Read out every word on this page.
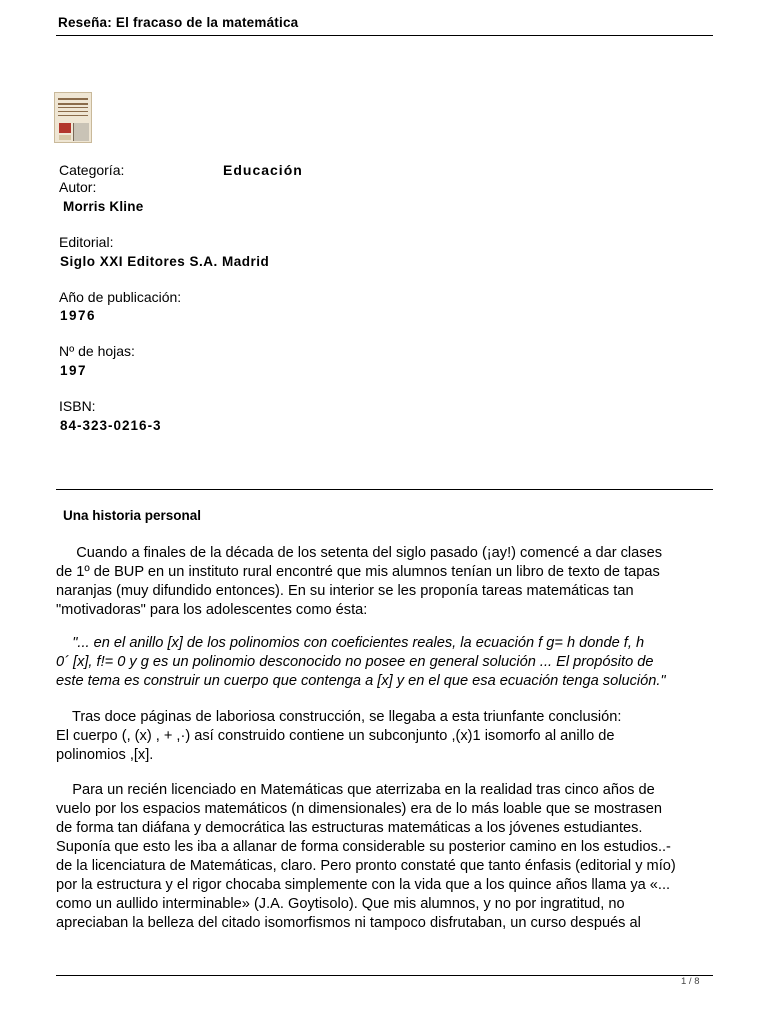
Reseña: El fracaso de la matemática
Categoría:	Educación
Autor:
Morris Kline
Editorial:
Siglo XXI Editores S.A. Madrid
Año de publicación:
1976
Nº de hojas:
197
ISBN:
84-323-0216-3
Una historia personal

Cuando a finales de la década de los setenta del siglo pasado (¡ay!) comencé a dar clases
de 1º de BUP en un instituto rural encontré que mis alumnos tenían un libro de texto de tapas
naranjas (muy difundido entonces). En su interior se les proponía tareas matemáticas tan
"motivadoras" para los adolescentes como ésta:

"... en el anillo [x] de los polinomios con coeficientes reales, la ecuación f g= h donde f, h
0´ [x], f!= 0 y g es un polinomio desconocido no posee en general solución ... El propósito de
este tema es construir un cuerpo que contenga a [x] y en el que esa ecuación tenga solución."

Tras doce páginas de laboriosa construcción, se llegaba a esta triunfante conclusión:
El cuerpo (, (x) , + ,·) así construido contiene un subconjunto ,(x)1 isomorfo al anillo de
polinomios ,[x].

Para un recién licenciado en Matemáticas que aterrizaba en la realidad tras cinco años de
vuelo por los espacios matemáticos (n dimensionales) era de lo más loable que se mostrasen
de forma tan diáfana y democrática las estructuras matemáticas a los jóvenes estudiantes.
Suponía que esto les iba a allanar de forma considerable su posterior camino en los estudios..-
de la licenciatura de Matemáticas, claro. Pero pronto constaté que tanto énfasis (editorial y mío)
por la estructura y el rigor chocaba simplemente con la vida que a los quince años llama ya «...
como un aullido interminable» (J.A. Goytisolo). Que mis alumnos, y no por ingratitud, no
apreciaban la belleza del citado isomorfismos ni tampoco disfrutaban, un curso después al

1 / 8
